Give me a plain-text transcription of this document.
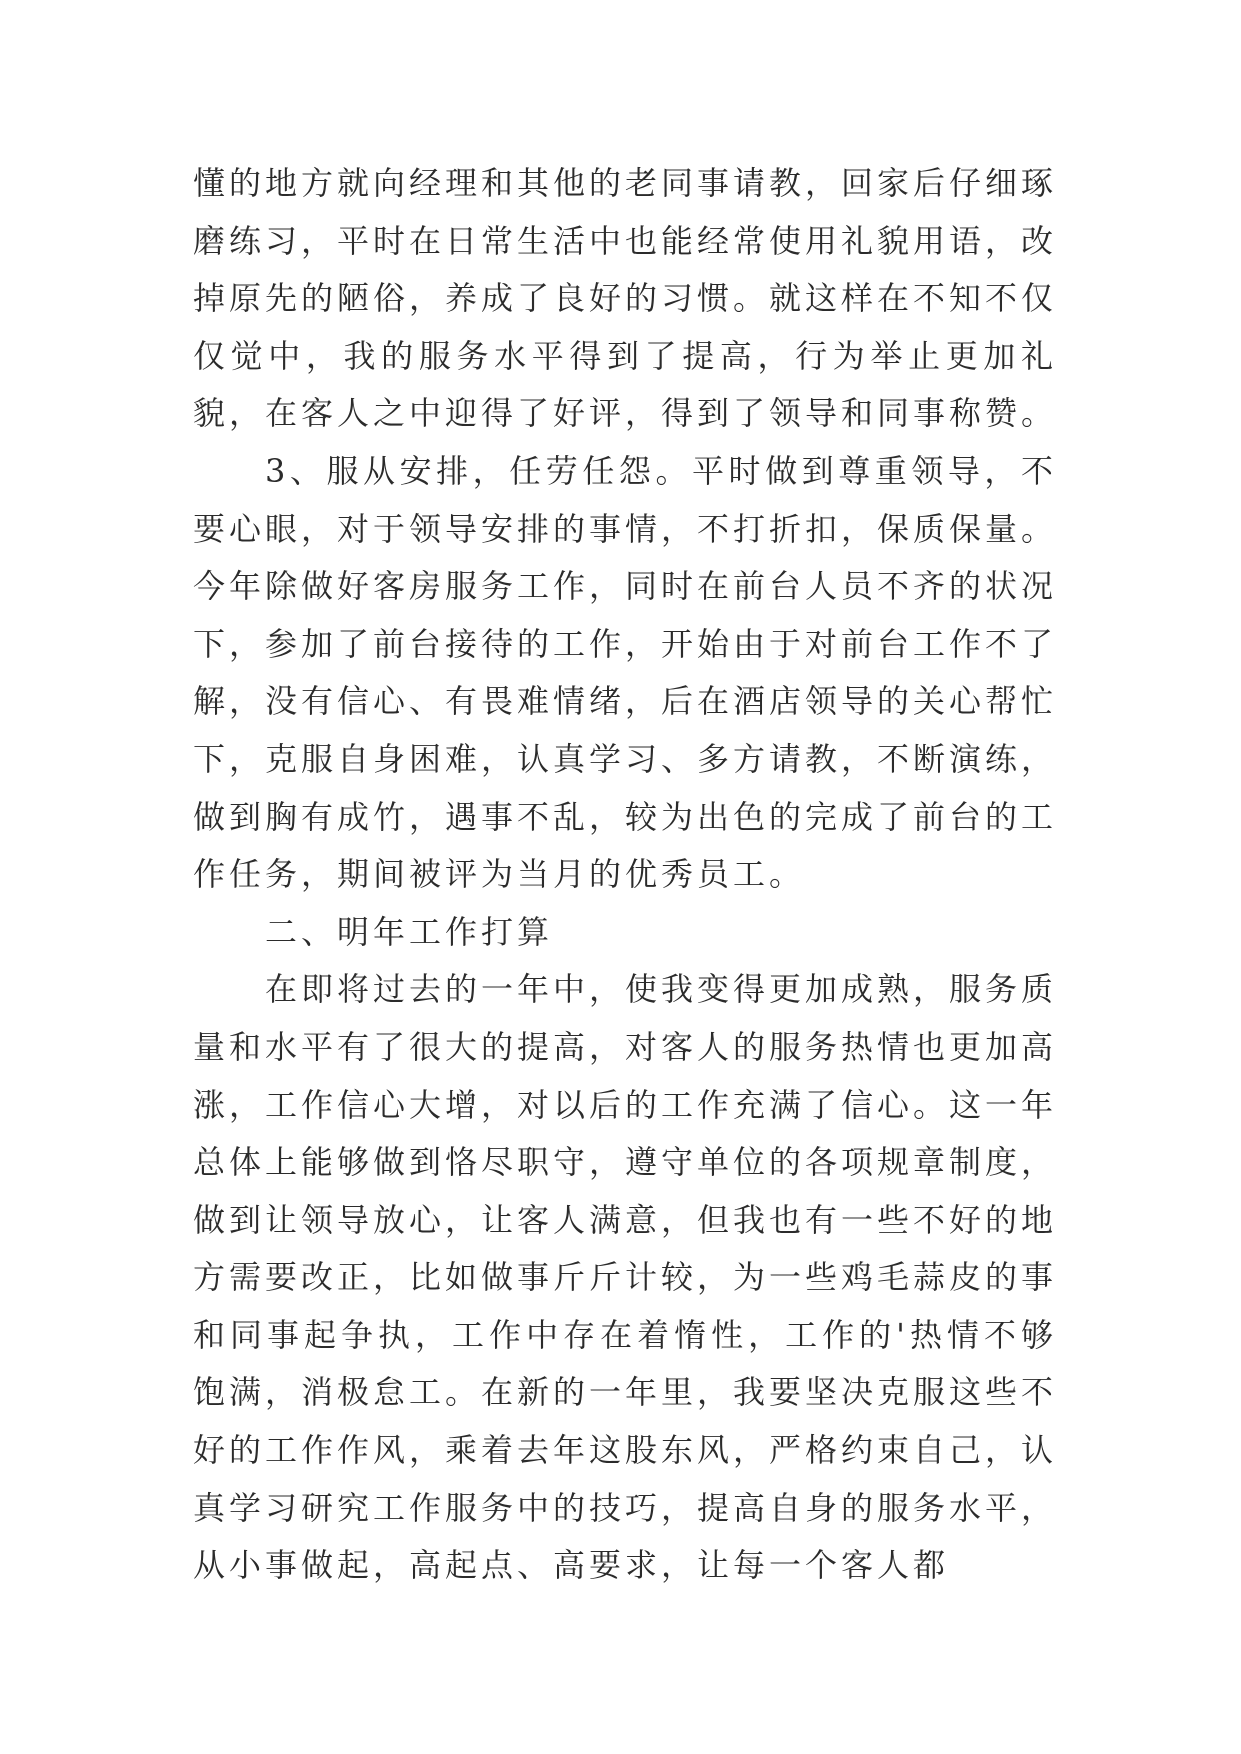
懂的地方就向经理和其他的老同事请教，回家后仔细琢磨练习，平时在日常生活中也能经常使用礼貌用语，改掉原先的陋俗，养成了良好的习惯。就这样在不知不仅仅觉中，我的服务水平得到了提高，行为举止更加礼貌，在客人之中迎得了好评，得到了领导和同事称赞。

3、服从安排，任劳任怨。平时做到尊重领导，不要心眼，对于领导安排的事情，不打折扣，保质保量。今年除做好客房服务工作，同时在前台人员不齐的状况下，参加了前台接待的工作，开始由于对前台工作不了解，没有信心、有畏难情绪，后在酒店领导的关心帮忙下，克服自身困难，认真学习、多方请教，不断演练，做到胸有成竹，遇事不乱，较为出色的完成了前台的工作任务，期间被评为当月的优秀员工。

二、明年工作打算

在即将过去的一年中，使我变得更加成熟，服务质量和水平有了很大的提高，对客人的服务热情也更加高涨，工作信心大增，对以后的工作充满了信心。这一年总体上能够做到恪尽职守，遵守单位的各项规章制度，做到让领导放心，让客人满意，但我也有一些不好的地方需要改正，比如做事斤斤计较，为一些鸡毛蒜皮的事和同事起争执，工作中存在着惰性，工作的'热情不够饱满，消极怠工。在新的一年里，我要坚决克服这些不好的工作作风，乘着去年这股东风，严格约束自己，认真学习研究工作服务中的技巧，提高自身的服务水平，从小事做起，高起点、高要求，让每一个客人都
